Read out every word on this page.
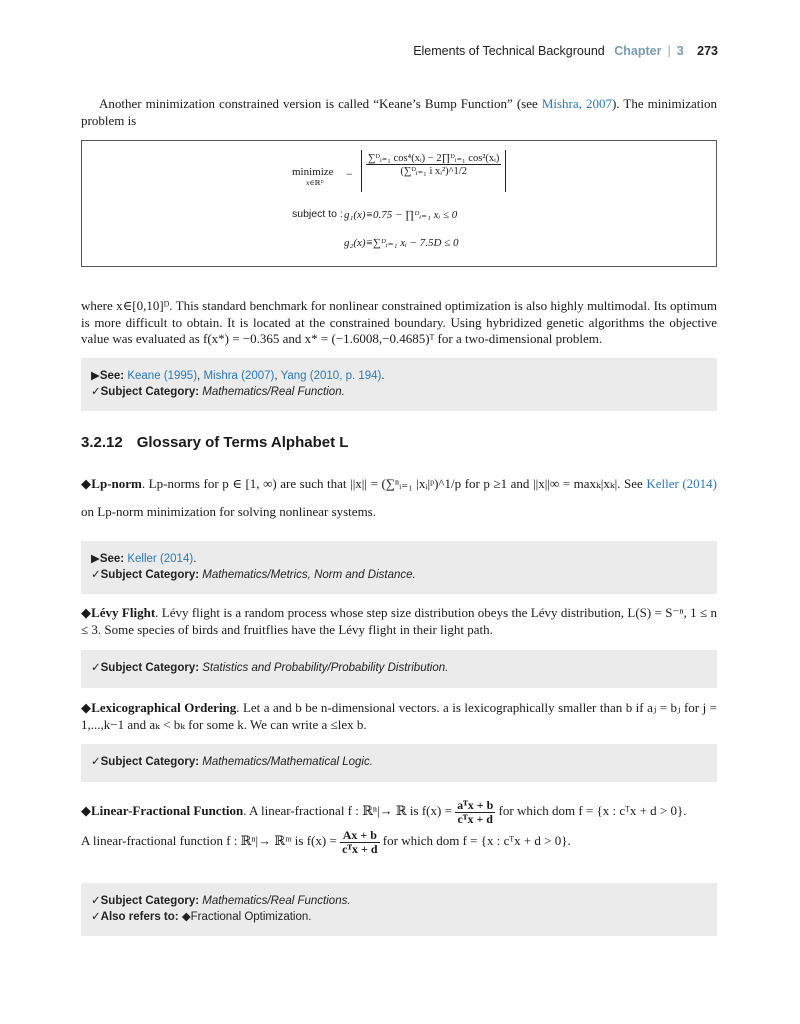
Elements of Technical Background Chapter | 3 273
Another minimization constrained version is called “Keane’s Bump Function” (see Mishra, 2007). The minimization problem is
minimize
x∈ℝᴰ
− $\frac{\text{∑ᴰᵢ₌₁ cos⁴(xᵢ) − 2∏ᴰᵢ₌₁ cos²(xᵢ)}}{\text{(∑ᴰᵢ₌₁ i xᵢ²)\textasciicircum{}1/2}}$
subject to : g₁(x)≡0.75 − ∏ᴰᵢ₌₁ xᵢ ≤ 0
g₂(x)≡∑ᴰᵢ₌₁ xᵢ − 7.5D ≤ 0
where x∈[0,10]ᴰ. This standard benchmark for nonlinear constrained optimization is also highly multimodal. Its optimum is more difficult to obtain. It is located at the constrained boundary. Using hybridized genetic algorithms the objective value was evaluated as f(x*) = −0.365 and x* = (−1.6008,−0.4685)ᵀ for a two-dimensional problem.
▶See: Keane (1995), Mishra (2007), Yang (2010, p. 194).
✓Subject Category: Mathematics/Real Function.
3.2.12 Glossary of Terms Alphabet L
◆Lp-norm. Lp-norms for p ∈ [1, ∞) are such that ||x|| = (∑ⁿᵢ₌₁ |xᵢ|ᵖ)^1/p for p ≥1 and ||x||∞ = maxₖ|xₖ|. See Keller (2014) on Lp-norm minimization for solving nonlinear systems.
▶See: Keller (2014).
✓Subject Category: Mathematics/Metrics, Norm and Distance.
◆Lévy Flight. Lévy flight is a random process whose step size distribution obeys the Lévy distribution, L(S) = S⁻ⁿ, 1 ≤ n ≤ 3. Some species of birds and fruitflies have the Lévy flight in their light path.
✓Subject Category: Statistics and Probability/Probability Distribution.
◆Lexicographical Ordering. Let a and b be n-dimensional vectors. a is lexicographically smaller than b if aⱼ = bⱼ for j = 1,...,k−1 and aₖ < bₖ for some k. We can write a ≤lex b.
✓Subject Category: Mathematics/Mathematical Logic.
◆Linear-Fractional Function. A linear-fractional f : ℝⁿ|→ ℝ is $f(x) = \frac{\text{aᵀx + b}}{\text{cᵀx + d}}$ for which dom f = {x : cᵀx + d > 0}.
A linear-fractional function f : ℝⁿ|→ ℝᵐ is $f(x) = \frac{Ax + b}{\text{cᵀx + d}}$ for which dom f = {x : cᵀx + d > 0}.
✓Subject Category: Mathematics/Real Functions.
✓Also refers to: ◆Fractional Optimization.
